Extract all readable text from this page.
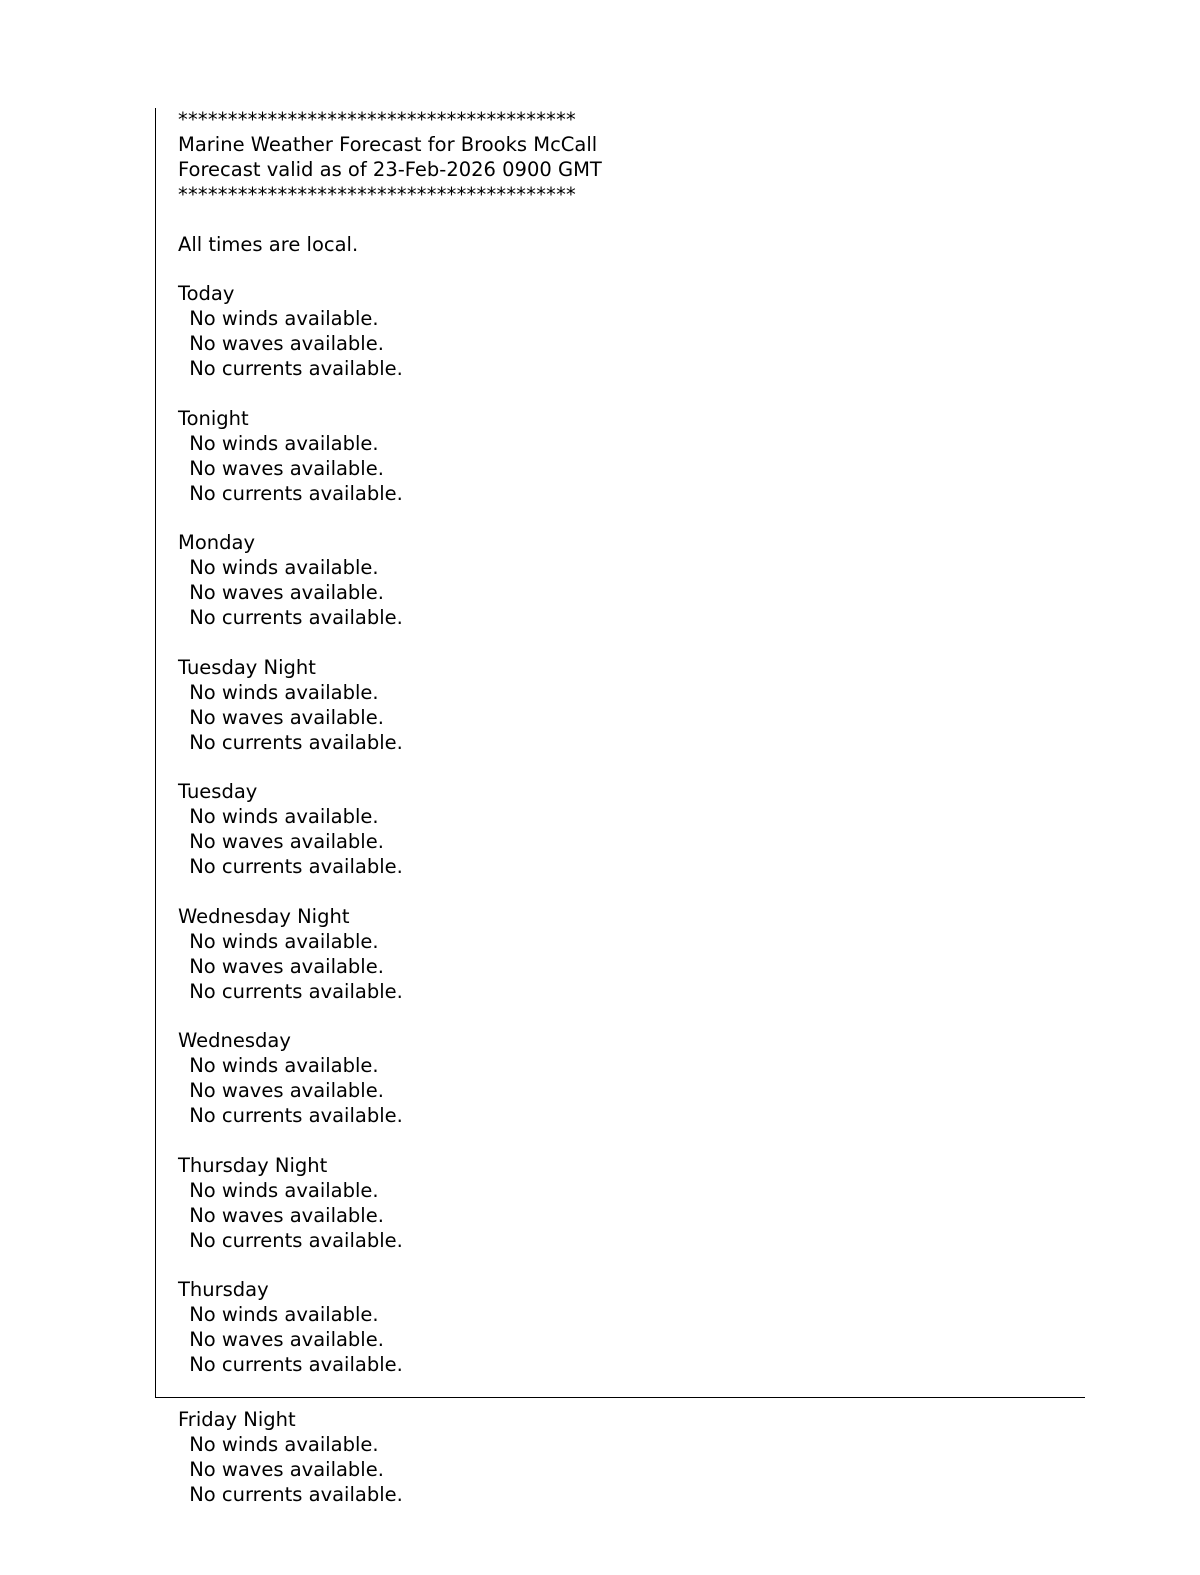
****************************************
Marine Weather Forecast for Brooks McCall
Forecast valid as of 23-Feb-2026 0900 GMT
****************************************
All times are local.
Today
No winds available.
No waves available.
No currents available.
Tonight
No winds available.
No waves available.
No currents available.
Monday
No winds available.
No waves available.
No currents available.
Tuesday Night
No winds available.
No waves available.
No currents available.
Tuesday
No winds available.
No waves available.
No currents available.
Wednesday Night
No winds available.
No waves available.
No currents available.
Wednesday
No winds available.
No waves available.
No currents available.
Thursday Night
No winds available.
No waves available.
No currents available.
Thursday
No winds available.
No waves available.
No currents available.
Friday Night
No winds available.
No waves available.
No currents available.
